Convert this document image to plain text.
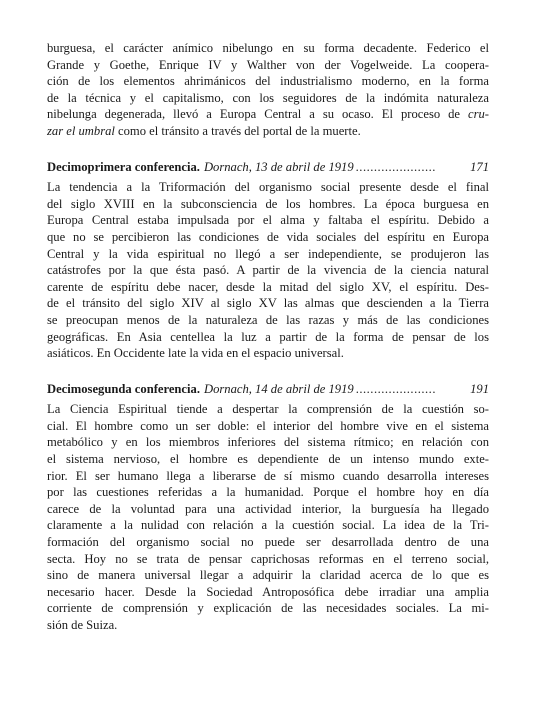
burguesa, el carácter anímico nibelungo en su forma decadente. Federico el
Grande y Goethe, Enrique IV y Walther von der Vogelweide. La coopera-
ción de los elementos ahrimánicos del industrialismo moderno, en la forma
de la técnica y el capitalismo, con los seguidores de la indómita naturaleza
nibelunga degenerada, llevó a Europa Central a su ocaso. El proceso de cru-
zar el umbral como el tránsito a través del portal de la muerte.

Decimoprimera conferencia. Dornach, 13 de abril de 1919 ......................	171

La tendencia a la Triformación del organismo social presente desde el final
del siglo XVIII en la subconsciencia de los hombres. La época burguesa en
Europa Central estaba impulsada por el alma y faltaba el espíritu. Debido a
que no se percibieron las condiciones de vida sociales del espíritu en Europa
Central y la vida espiritual no llegó a ser independiente, se produjeron las
catástrofes por la que ésta pasó. A partir de la vivencia de la ciencia natural
carente de espíritu debe nacer, desde la mitad del siglo XV, el espíritu. Des-
de el tránsito del siglo XIV al siglo XV las almas que descienden a la Tierra
se preocupan menos de la naturaleza de las razas y más de las condiciones
geográficas. En Asia centellea la luz a partir de la forma de pensar de los
asiáticos. En Occidente late la vida en el espacio universal.

Decimosegunda conferencia. Dornach, 14 de abril de 1919 ......................	191

La Ciencia Espiritual tiende a despertar la comprensión de la cuestión so-
cial. El hombre como un ser doble: el interior del hombre vive en el sistema
metabólico y en los miembros inferiores del sistema rítmico; en relación con
el sistema nervioso, el hombre es dependiente de un intenso mundo exte-
rior. El ser humano llega a liberarse de sí mismo cuando desarrolla intereses
por las cuestiones referidas a la humanidad. Porque el hombre hoy en día
carece de la voluntad para una actividad interior, la burguesía ha llegado
claramente a la nulidad con relación a la cuestión social. La idea de la Tri-
formación del organismo social no puede ser desarrollada dentro de una
secta. Hoy no se trata de pensar caprichosas reformas en el terreno social,
sino de manera universal llegar a adquirir la claridad acerca de lo que es
necesario hacer. Desde la Sociedad Antroposófica debe irradiar una amplia
corriente de comprensión y explicación de las necesidades sociales. La mi-
sión de Suiza.
